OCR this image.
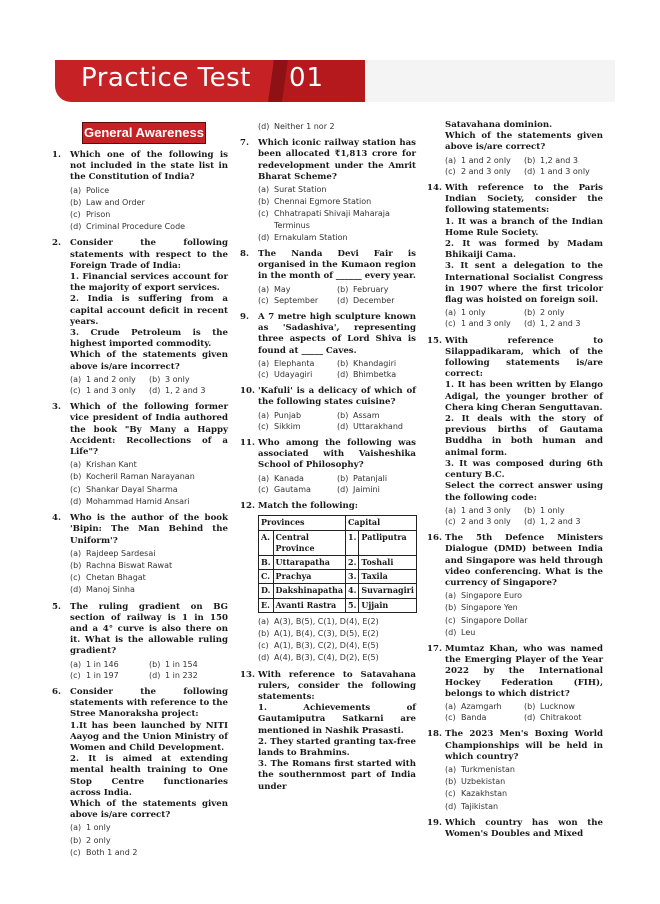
Practice Test 01
General Awareness
1. Which one of the following is not included in the state list in the Constitution of India?
(a) Police
(b) Law and Order
(c) Prison
(d) Criminal Procedure Code
2. Consider the following statements with respect to the Foreign Trade of India:
1. Financial services account for the majority of export services.
2. India is suffering from a capital account deficit in recent years.
3. Crude Petroleum is the highest imported commodity.
Which of the statements given above is/are incorrect?
(a) 1 and 2 only (b) 3 only
(c) 1 and 3 only (d) 1, 2 and 3
3. Which of the following former vice president of India authored the book "By Many a Happy Accident: Recollections of a Life"?
(a) Krishan Kant
(b) Kocheril Raman Narayanan
(c) Shankar Dayal Sharma
(d) Mohammad Hamid Ansari
4. Who is the author of the book 'Bipin: The Man Behind the Uniform'?
(a) Rajdeep Sardesai
(b) Rachna Biswat Rawat
(c) Chetan Bhagat
(d) Manoj Sinha
5. The ruling gradient on BG section of railway is 1 in 150 and a 4° curve is also there on it. What is the allowable ruling gradient?
(a) 1 in 146	(b) 1 in 154
(c) 1 in 197	(d) 1 in 232
6. Consider the following statements with reference to the Stree Manoraksha project:
1.It has been launched by NITI Aayog and the Union Ministry of Women and Child Development.
2. It is aimed at extending mental health training to One Stop Centre functionaries across India.
Which of the statements given above is/are correct?
(a) 1 only
(b) 2 only
(c) Both 1 and 2
(d) Neither 1 nor 2
7. Which iconic railway station has been allocated ₹1,813 crore for redevelopment under the Amrit Bharat Scheme?
(a) Surat Station
(b) Chennai Egmore Station
(c) Chhatrapati Shivaji Maharaja Terminus
(d) Ernakulam Station
8. The Nanda Devi Fair is organised in the Kumaon region in the month of ______ every year.
(a) May	(b) February
(c) September (d) December
9. A 7 metre high sculpture known as 'Sadashiva', representing three aspects of Lord Shiva is found at _____ Caves.
(a) Elephanta	(b) Khandagiri
(c) Udayagiri	(d) Bhimbetka
10. 'Kafuli' is a delicacy of which of the following states cuisine?
(a) Punjab	(b) Assam
(c) Sikkim	(d) Uttarakhand
11. Who among the following was associated with Vaisheshika School of Philosophy?
(a) Kanada	(b) Patanjali
(c) Gautama	(d) Jaimini
12. Match the following:
Provinces		Capital	
A.	Central Province	1.	Patliputra
B.	Uttarapatha	2.	Toshali
C.	Prachya	3.	Taxila
D.	Dakshinapatha	4.	Suvarnagiri
E.	Avanti Rastra	5.	Ujjain
(a) A(3), B(5), C(1), D(4), E(2)
(b) A(1), B(4), C(3), D(5), E(2)
(c) A(1), B(3), C(2), D(4), E(5)
(d) A(4), B(3), C(4), D(2), E(5)
13. With reference to Satavahana rulers, consider the following statements:
1. Achievements of Gautamiputra Satkarni are mentioned in Nashik Prasasti.
2. They started granting tax-free lands to Brahmins.
3. The Romans first started with the southernmost part of India under
Satavahana dominion.
Which of the statements given above is/are correct?
(a) 1 and 2 only (b) 1,2 and 3
(c) 2 and 3 only (d) 1 and 3 only
14. With reference to the Paris Indian Society, consider the following statements:
1. It was a branch of the Indian Home Rule Society.
2. It was formed by Madam Bhikaiji Cama.
3. It sent a delegation to the International Socialist Congress in 1907 where the first tricolor flag was hoisted on foreign soil.
(a) 1 only	(b) 2 only
(c) 1 and 3 only (d) 1, 2 and 3
15. With reference to Silappadikaram, which of the following statements is/are correct:
1. It has been written by Elango Adigal, the younger brother of Chera king Cheran Senguttavan.
2. It deals with the story of previous births of Gautama Buddha in both human and animal form.
3. It was composed during 6th century B.C.
Select the correct answer using the following code:
(a) 1 and 3 only (b) 1 only
(c) 2 and 3 only (d) 1, 2 and 3
16. The 5th Defence Ministers Dialogue (DMD) between India and Singapore was held through video conferencing. What is the currency of Singapore?
(a) Singapore Euro
(b) Singapore Yen
(c) Singapore Dollar
(d) Leu
17. Mumtaz Khan, who was named the Emerging Player of the Year 2022 by the International Hockey Federation (FIH), belongs to which district?
(a) Azamgarh	(b) Lucknow
(c) Banda	(d) Chitrakoot
18. The 2023 Men's Boxing World Championships will be held in which country?
(a) Turkmenistan
(b) Uzbekistan
(c) Kazakhstan
(d) Tajikistan
19. Which country has won the Women's Doubles and Mixed
